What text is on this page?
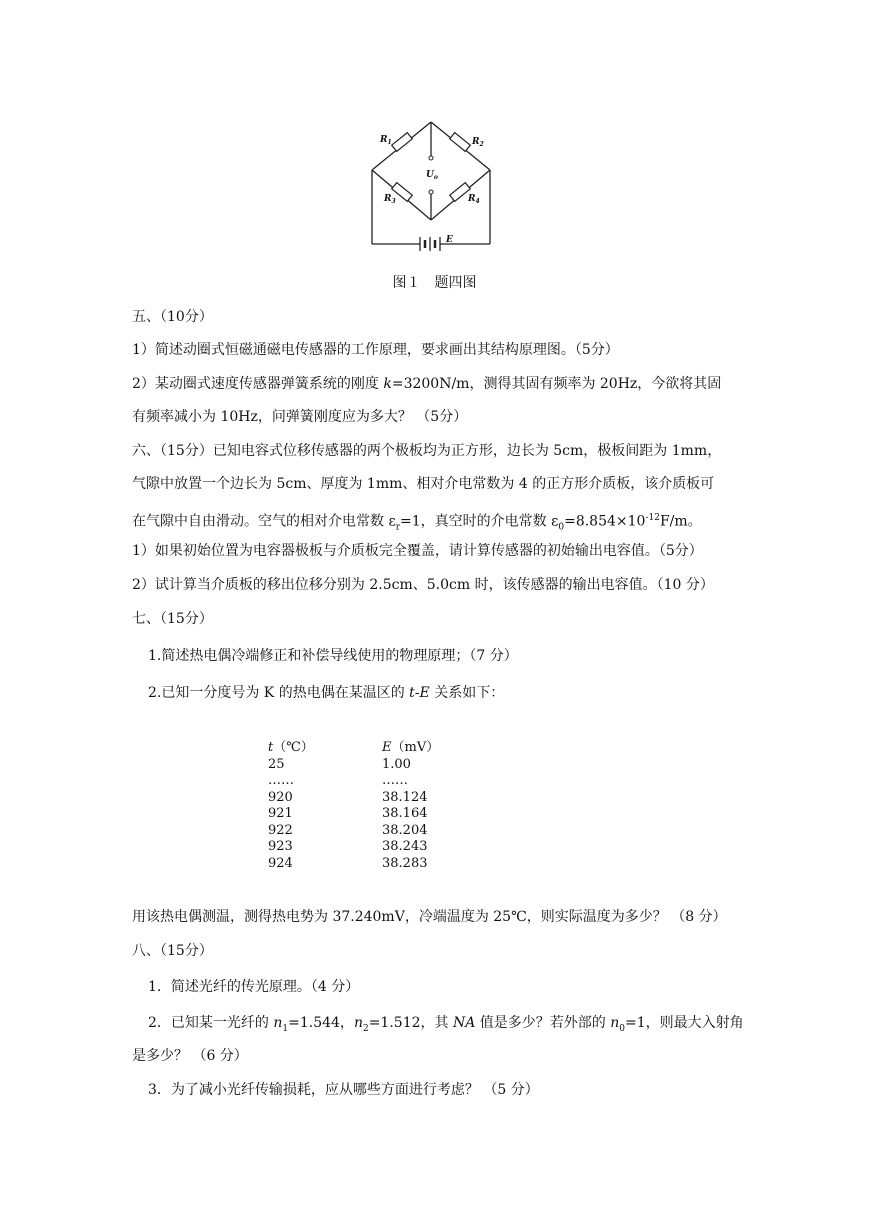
$R_1$	$R_2$
$R_3$	$R_4$
$U_o$
E
图１　题四图
五、（10分）
1）简述动圈式恒磁通磁电传感器的工作原理，要求画出其结构原理图。（5分）
2）某动圈式速度传感器弹簧系统的刚度 k=3200N/m，测得其固有频率为 20Hz，今欲将其固
有频率减小为 10Hz，问弹簧刚度应为多大？ （5分）
六、（15分）已知电容式位移传感器的两个极板均为正方形，边长为 5cm，极板间距为 1mm，
气隙中放置一个边长为 5cm、厚度为 1mm、相对介电常数为 4 的正方形介质板，该介质板可
在气隙中自由滑动。空气的相对介电常数 $\varepsilon_r=1$，真空时的介电常数 $\varepsilon_0=8.854\times 10^{-12}F/m$。
1）如果初始位置为电容器极板与介质板完全覆盖，请计算传感器的初始输出电容值。（5分）
2）试计算当介质板的移出位移分别为 2.5cm、5.0cm 时，该传感器的输出电容值。（10 分）
七、（15分）
1.简述热电偶冷端修正和补偿导线使用的物理原理；（7 分）
2.已知一分度号为 K 的热电偶在某温区的 t-E 关系如下：
t（℃）	E（mV）
25	1.00
……	……
920	38.124
921	38.164
922	38.204
923	38.243
924	38.283
用该热电偶测温，测得热电势为 37.240mV，冷端温度为 25℃，则实际温度为多少？ （8 分）
八、（15分）
1．简述光纤的传光原理。（4 分）
2．已知某一光纤的 $n_1=1.544$，$n_2=1.512$，其 NA 值是多少？若外部的 $n_0=1$，则最大入射角
是多少？ （6 分）
3．为了减小光纤传输损耗，应从哪些方面进行考虑？ （5 分）
